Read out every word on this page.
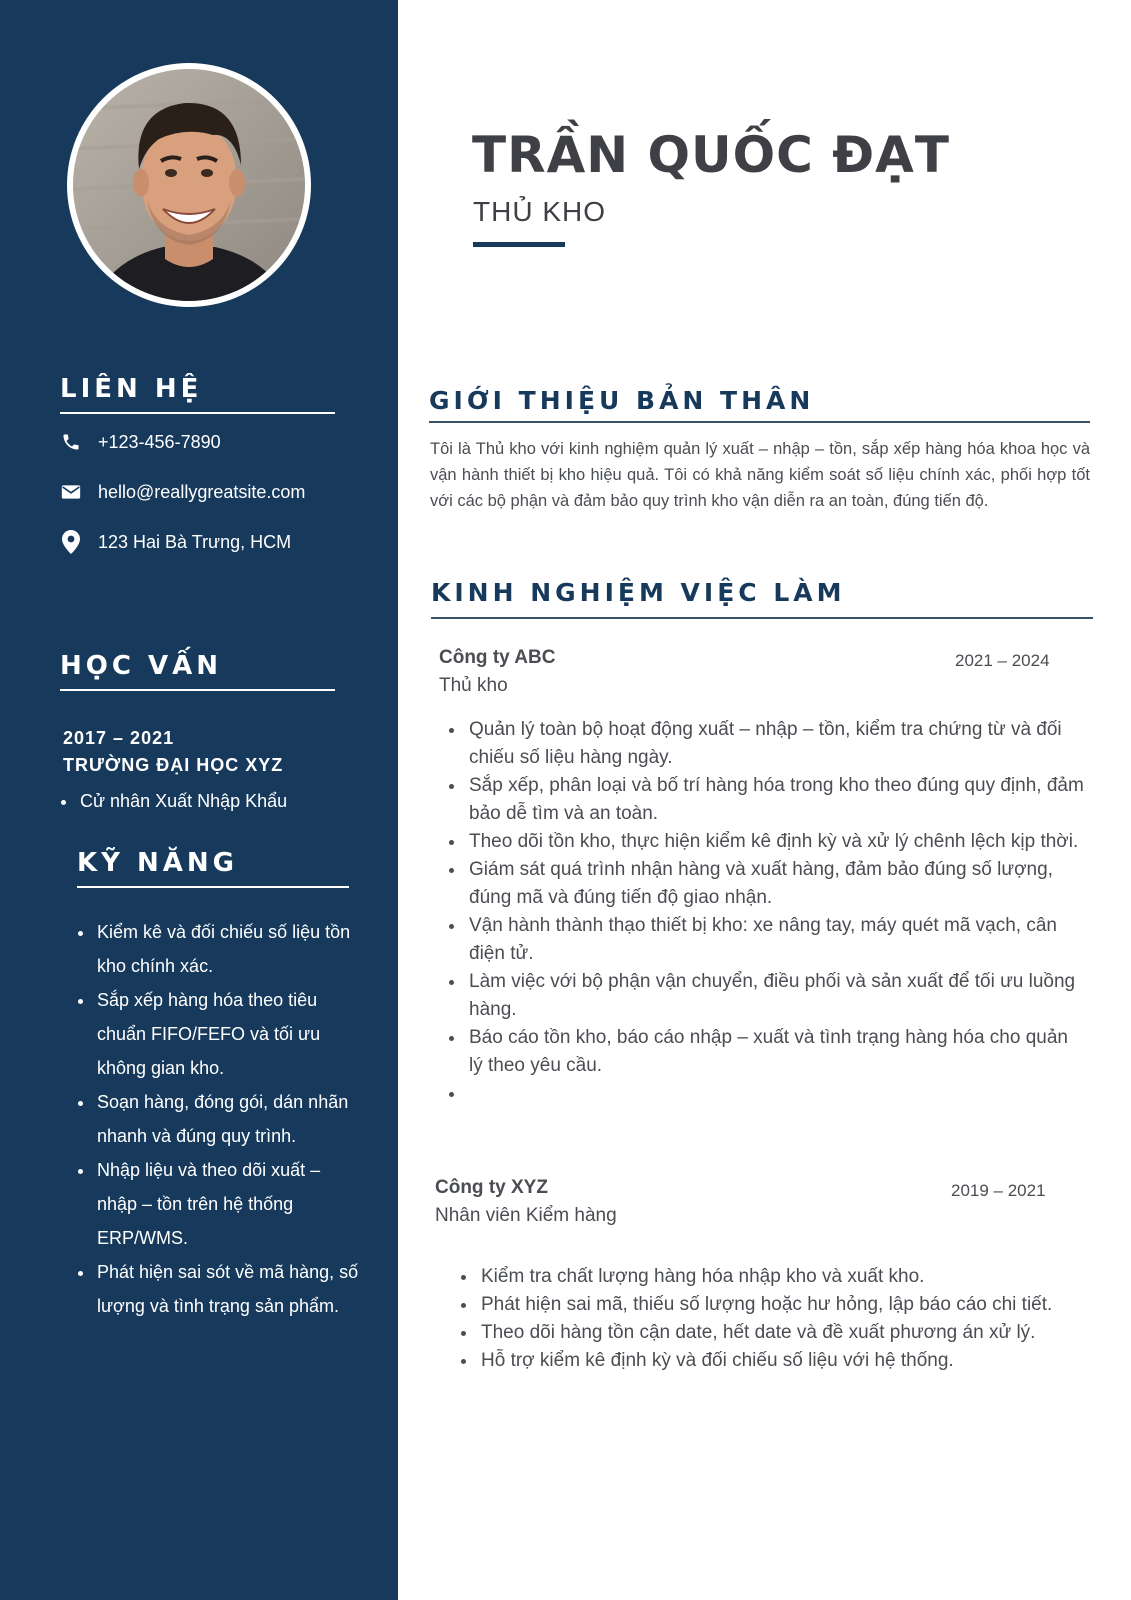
LIÊN HỆ
+123-456-7890
hello@reallygreatsite.com
123 Hai Bà Trưng, HCM
HỌC VẤN
2017 – 2021
TRƯỜNG ĐẠI HỌC XYZ
• Cử nhân Xuất Nhập Khẩu
KỸ NĂNG
• Kiểm kê và đối chiếu số liệu tồn kho chính xác.
• Sắp xếp hàng hóa theo tiêu chuẩn FIFO/FEFO và tối ưu không gian kho.
• Soạn hàng, đóng gói, dán nhãn nhanh và đúng quy trình.
• Nhập liệu và theo dõi xuất – nhập – tồn trên hệ thống ERP/WMS.
• Phát hiện sai sót về mã hàng, số lượng và tình trạng sản phẩm.
TRẦN QUỐC ĐẠT
THỦ KHO
GIỚI THIỆU BẢN THÂN

Tôi là Thủ kho với kinh nghiệm quản lý xuất – nhập – tồn, sắp xếp hàng hóa khoa học và vận hành thiết bị kho hiệu quả. Tôi có khả năng kiểm soát số liệu chính xác, phối hợp tốt với các bộ phận và đảm bảo quy trình kho vận diễn ra an toàn, đúng tiến độ.

KINH NGHIỆM VIỆC LÀM
Công ty ABC	2021 – 2024
Thủ kho
• Quản lý toàn bộ hoạt động xuất – nhập – tồn, kiểm tra chứng từ và đối chiếu số liệu hàng ngày.
• Sắp xếp, phân loại và bố trí hàng hóa trong kho theo đúng quy định, đảm bảo dễ tìm và an toàn.
• Theo dõi tồn kho, thực hiện kiểm kê định kỳ và xử lý chênh lệch kịp thời.
• Giám sát quá trình nhận hàng và xuất hàng, đảm bảo đúng số lượng, đúng mã và đúng tiến độ giao nhận.
• Vận hành thành thạo thiết bị kho: xe nâng tay, máy quét mã vạch, cân điện tử.
• Làm việc với bộ phận vận chuyển, điều phối và sản xuất để tối ưu luồng hàng.
• Báo cáo tồn kho, báo cáo nhập – xuất và tình trạng hàng hóa cho quản lý theo yêu cầu.
•
Công ty XYZ	2019 – 2021
Nhân viên Kiểm hàng
• Kiểm tra chất lượng hàng hóa nhập kho và xuất kho.
• Phát hiện sai mã, thiếu số lượng hoặc hư hỏng, lập báo cáo chi tiết.
• Theo dõi hàng tồn cận date, hết date và đề xuất phương án xử lý.
• Hỗ trợ kiểm kê định kỳ và đối chiếu số liệu với hệ thống.
